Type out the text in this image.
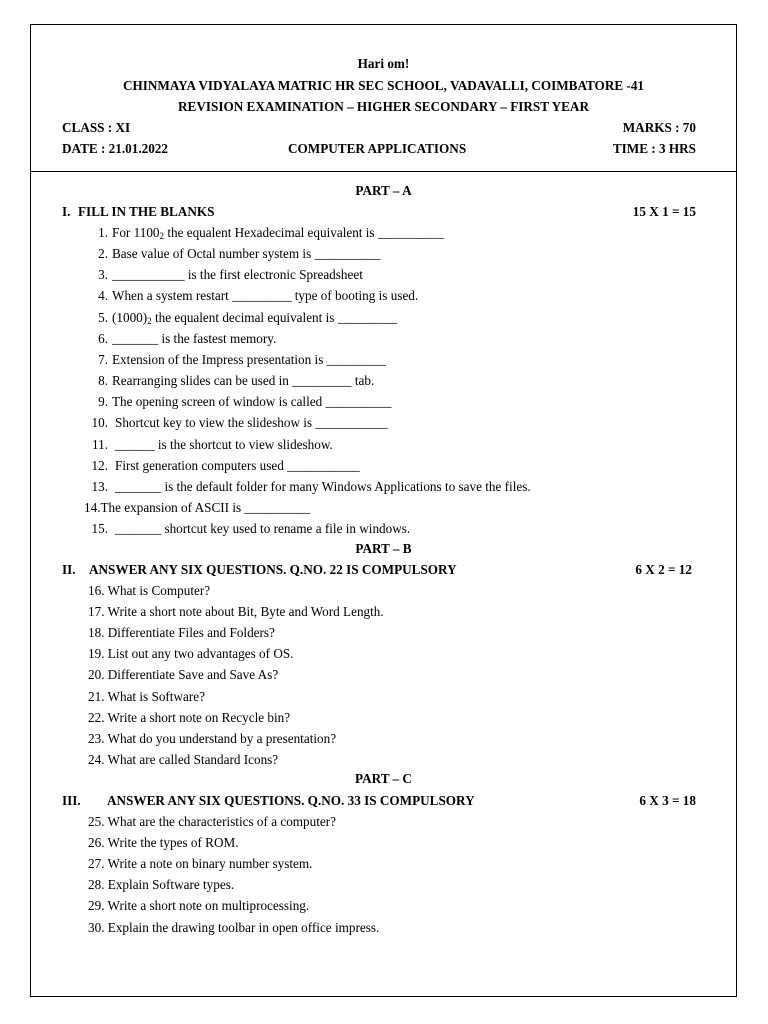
Hari om!
CHINMAYA VIDYALAYA MATRIC HR SEC SCHOOL, VADAVALLI, COIMBATORE -41
REVISION EXAMINATION – HIGHER SECONDARY – FIRST YEAR
CLASS : XI	MARKS : 70
DATE : 21.01.2022	COMPUTER APPLICATIONS	TIME : 3 HRS
PART – A
I. FILL IN THE BLANKS	15 X 1 = 15
1. For $1100_2$ the equalent Hexadecimal equivalent is __________
2. Base value of Octal number system is __________
3. ___________ is the first electronic Spreadsheet
4. When a system restart _________ type of booting is used.
5. $(1000)_2$ the equalent decimal equivalent is _________
6. _______ is the fastest memory.
7. Extension of the Impress presentation is _________
8. Rearranging slides can be used in _________ tab.
9. The opening screen of window is called __________
10. Shortcut key to view the slideshow is ___________
11. ______ is the shortcut to view slideshow.
12. First generation computers used ___________
13. _______ is the default folder for many Windows Applications to save the files.
14.The expansion of ASCII is __________
15. _______ shortcut key used to rename a file in windows.
PART – B
II. ANSWER ANY SIX QUESTIONS. Q.NO. 22 IS COMPULSORY	6 X 2 = 12
16. What is Computer?
17. Write a short note about Bit, Byte and Word Length.
18. Differentiate Files and Folders?
19. List out any two advantages of OS.
20. Differentiate Save and Save As?
21. What is Software?
22. Write a short note on Recycle bin?
23. What do you understand by a presentation?
24. What are called Standard Icons?
PART – C
III. ANSWER ANY SIX QUESTIONS. Q.NO. 33 IS COMPULSORY	6 X 3 = 18
25. What are the characteristics of a computer?
26. Write the types of ROM.
27. Write a note on binary number system.
28. Explain Software types.
29. Write a short note on multiprocessing.
30. Explain the drawing toolbar in open office impress.
